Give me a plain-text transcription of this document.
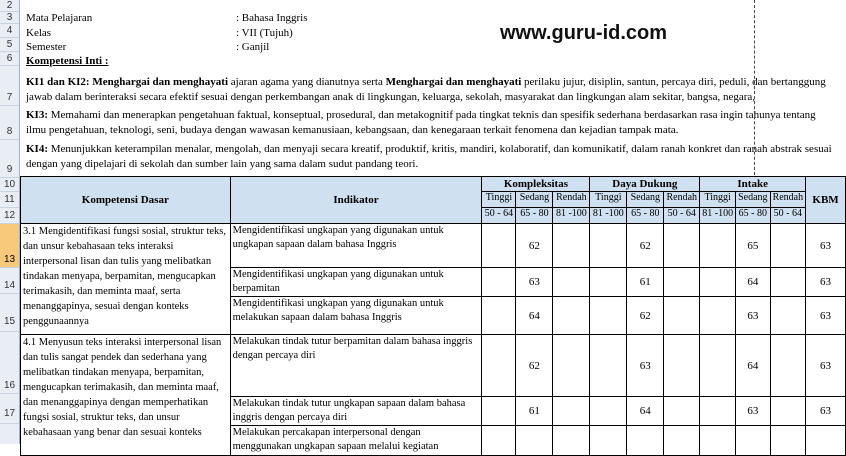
2
3
4
5
6
7
8
9
10
11
12
13
14
15
16
17
Mata Pelajaran	: Bahasa Inggris
Kelas	: VII (Tujuh)
Semester	: Ganjil
www.guru-id.com
Kompetensi Inti :
KI1 dan KI2: Menghargai dan menghayati ajaran agama yang dianutnya serta Menghargai dan menghayati perilaku jujur, disiplin, santun, percaya diri, peduli, dan bertanggung jawab dalam berinteraksi secara efektif sesuai dengan perkembangan anak di lingkungan, keluarga, sekolah, masyarakat dan lingkungan alam sekitar, bangsa, negara,
KI3: Memahami dan menerapkan pengetahuan faktual, konseptual, prosedural, dan metakognitif pada tingkat teknis dan spesifik sederhana berdasarkan rasa ingin tahunya tentang ilmu pengetahuan, teknologi, seni, budaya dengan wawasan kemanusiaan, kebangsaan, dan kenegaraan terkait fenomena dan kejadian tampak mata.
KI4: Menunjukkan keterampilan menalar, mengolah, dan menyaji secara kreatif, produktif, kritis, mandiri, kolaboratif, dan komunikatif, dalam ranah konkret dan ranah abstrak sesuai dengan yang dipelajari di sekolah dan sumber lain yang sama dalam sudut pandang teori.
Kompetensi Dasar	Indikator	Kompleksitas			Daya Dukung			Intake			KBM
		Tinggi	Sedang	Rendah	Tinggi	Sedang	Rendah	Tinggi	Sedang	Rendah	
		50 - 64	65 - 80	81 -100	81 -100	65 - 80	50 - 64	81 -100	65 - 80	50 - 64	
3.1 Mengidentifikasi fungsi sosial, struktur teks, dan unsur kebahasaan teks interaksi interpersonal lisan dan tulis yang melibatkan tindakan menyapa, berpamitan, mengucapkan terimakasih, dan meminta maaf, serta menanggapinya, sesuai dengan konteks penggunaannya	Mengidentifikasi ungkapan yang digunakan untuk ungkapan sapaan dalam bahasa Inggris		62			62			65		63
	Mengidentifikasi ungkapan yang digunakan untuk berpamitan		63			61			64		63
	Mengidentifikasi ungkapan yang digunakan untuk melakukan sapaan dalam bahasa Inggris		64			62			63		63
4.1 Menyusun teks interaksi interpersonal lisan dan tulis sangat pendek dan sederhana yang melibatkan tindakan menyapa, berpamitan, mengucapkan terimakasih, dan meminta maaf, dan menanggapinya dengan memperhatikan fungsi sosial, struktur teks, dan unsur kebahasaan yang benar dan sesuai konteks	Melakukan tindak tutur berpamitan dalam bahasa inggris dengan percaya diri		62			63			64		63
	Melakukan tindak tutur ungkapan sapaan dalam bahasa inggris dengan percaya diri		61			64			63		63
	Melakukan percakapan interpersonal dengan menggunakan ungkapan sapaan melalui kegiatan										
